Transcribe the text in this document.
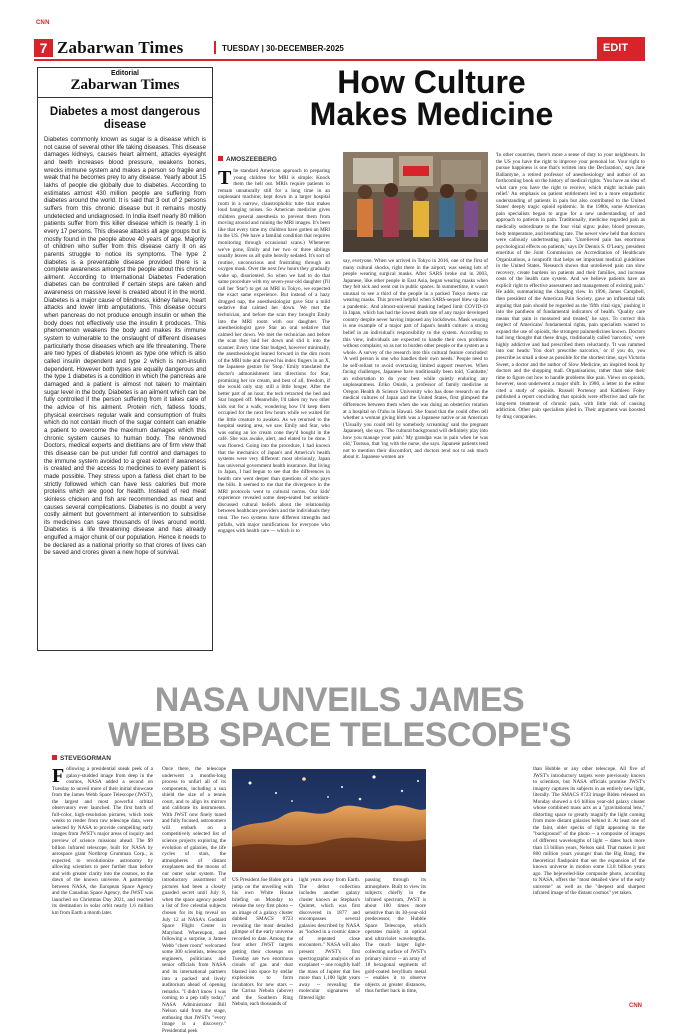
CNN
7 Zabarwan Times	TUESDAY | 30-DECEMBER-2025	EDIT
Editorial
Zabarwan Times
Diabetes a most dangerous disease
Diabetes commonly known as sugar is a disease which is not cause of several other life taking diseases. This disease damages kidneys, causes heart ailment, attacks eyesight and teeth increases blood pressure, weakens bones, wrecks immune system and makes a person so fragile and weak that he becomes prey to any disease. Yearly about 15 lakhs of people die globally due to diabetes. According to estimates almost 430 million people are suffering from diabetes around the world. It is said that 3 out of 2 persons suffers from this chronic disease but it remains mostly undetected and undiagnosed. In India itself nearly 80 million patients suffer from this killer disease which is nearly 1 in every 17 persons. This disease attacks all age groups but is mostly found in the people above 40 years of age. Majority of children who suffer from this disease carry it on as parents struggle to notice its symptoms. The type 2 diabetes is a preventable disease provided there is a complete awareness amongst the people about this chronic ailment. According to International Diabetes Federation diabetes can be controlled if certain steps are taken and awareness on massive level is created about it in the world. Diabetes is a major cause of blindness, kidney failure, heart attacks and lower limb amputations. This disease occurs when pancreas do not produce enough insulin or when the body does not effectively use the insulin it produces. This phenomenon weakens the body and makes its immune system to vulnerable to the onslaught of different diseases particularly those diseases which are life threatening. There are two types of diabetes known as type one which is also called insulin dependent and type 2 which is non-insulin dependent. However both types are equally dangerous and the type 1 diabetes is a condition in which the pancreas are damaged and a patient is almost not taken to maintain sugar level in the body. Diabetes is an ailment which can be fully controlled if the person suffering from it takes care of the advice of his ailment. Protein rich, fatless foods, physical exercises regular walk and consumption of fruits which do not contain much of the sugar content can enable a patient to overcome the maximum damages which this chronic system causes to human body. The renowned Doctors, medical experts and dietitians are of firm view that this disease can be put under full control and damages to the immune system avoided to a great extent if awareness is created and the access to medicines to every patient is made possible. They stress upon a fatless diet chart to be strictly followed which can have less calories but more proteins which are good for health. Instead of red meat skinless chicken and fish are recommended as meat and causes several complications. Diabetes is no doubt a very costly ailment but government al intervention to subsidise its medicines can save thousands of lives around world. Diabetes is a life threatening disease and has already engulfed a major chunk of our population. Hence it needs to be declared as a national priority so that crores of lives can be saved and crores given a new hope of survival.
How Culture
Makes Medicine
AMOSZEEBERG
The standard American approach to preparing young children for MRI is simple: Knock them the hell out. MRIs require patients to remain unnaturally still for a long time in an unpleasant machine; kept down in a larger hospital room in a narrow, claustrophobic tube that makes loud banging noises. So American medicine gives children general anesthesia to prevent them from moving around and ruining the MRI images. It's been like that every time my children have gotten an MRI in the US. (We have a familial condition that requires monitoring through occasional scans.) Whenever we've gone, Emily and her two or three siblings usually leaves us all quite heavily sedated. It's sort of routine, unconscious and frustrating through an oxygen mask. Over the next few hours they gradually wake up, disoriented. So when we had to do that same procedure with my seven-year-old daughter (I'll call her 'Star') to get an MRI in Tokyo, we expected the exact same experience. But instead of a hazy drugged nap, the anesthesiologist gave Star a mild sedative that calmed her down. We met the technician, and before the scan they brought Emily into the MRI room with our daughter. The anesthesiologist gave Star an oral sedative that calmed her down. We met the technician and before the scan they laid her down and slid it into the scanner. Every time Star budged, however minimally, the anesthesiologist leaned forward in the dim room of the MRI tube and moved his index fingers in an X, the Japanese gesture for 'Stop.' Emily translated the doctor's admonishment into directions for Star, promising her ice cream, and best of all, freedom, if she would only stay still a little longer. After the better part of an hour, the tech retracted the bed and Star hopped off. Meanwhile, I'd taken my two other kids out for a walk, wondering how I'd keep them occupied for the next few hours while we waited for the little creature to awaken. As we returned to the hospital seating area, we saw Emily and Star, who was eating an ice cream cone they'd bought in the café. She was awake, alert, and elated to be done. I was floored. Going into the procedure, I had known that the mechanics of Japan's and America's health systems were very different: most obviously, Japan has universal government health insurance. But living in Japan, I had begun to see that the differences in health care went deeper than questions of who pays the bills. It seemed to me that the divergence in the MRI protocols went to cultural norms. Our kids' experience revealed some deep-seated but seldom-discussed cultural beliefs about the relationship between healthcare providers and the individuals they treat. The two systems have different strengths and pitfalls, with major ramifications for everyone who engages with health care — which is to
say, everyone. When we arrived in Tokyo in 2016, one of the first of many cultural shocks, right there in the airport, was seeing lots of people wearing surgical masks. After SARS broke out in 2003, Japanese, like other people in East Asia, began wearing masks when they felt sick and went out in public spaces. In summertime, it wasn't unusual to see a third of the people in a packed Tokyo metro car wearing masks. This proved helpful when SARS-sequel blew up into a pandemic. And almost-universal masking helped limit COVID-19 in Japan, which has had the lowest death rate of any major developed country despite never having imposed any lockdowns. Mask wearing is one example of a major part of Japan's health culture: a strong belief in an individual's responsibility to the system. According to this view, individuals are expected to handle their own problems without complaint, so as not to burden other people or the system as a whole. A survey of the research into this cultural feature concluded: 'A well person is one who handles their own needs.' People need to be self-reliant to avoid overtaxing limited support reserves. When facing challenges, Japanese have traditionally been told, 'Ganbatte,' an exhortation to do your best while quietly enduring any unpleasantness. Eriko Onishi, a professor of family medicine at Oregon Health & Science University who has done research on the medical cultures of Japan and the United States, first glimpsed the differences between them when she was doing an obstetrics rotation at a hospital on O'ahu in Hawaii. She found that the could often tell whether a woman giving birth was a Japanese native or an American ('Usually you could tell by somebody screaming' said the pregnant Japanese), she says. 'The cultural background will definitely play into how you manage your pain.' My grandpa was in pain when he was old,' Tsutsuo, that 'ing with the nurse, she says. Japanese patients tend not to mention their discomfort, and doctors tend not to ask much about it. Japanese women are
'In other countries, there's more a sense of duty to your neighbours. In the US you have the right to improve your personal lot. Your right to pursue happiness is one that's written into the Declaration,' says Jane Ballantyne, a retired professor of anesthesiology and author of an forthcoming book on the history of medical rights. 'You have an idea of what care you have the right to receive, which might include pain relief.' An emphasis on patient entitlement led to a more empathetic understanding of patients in pain but also contributed to the United States' deeply tragic opioid epidemic. In the 1980s, some American pain specialists began to argue for a new understanding of and approach to patients in pain. Traditionally, medicine regarded pain as medically subordinate to the four vital signs: pulse, blood pressure, body temperature, and breathing rate. The newer view held that doctors were callously undertreating pain. 'Unrelieved pain has enormous psychological effects on patients,' says Dr Dennis S. O'Leary, president emeritus of the Joint Commission on Accreditation of Healthcare Organizations, a nonprofit that helps set important medical guidelines in the United States. 'Research shows that unrelieved pain can slow recovery, create burdens on patients and their families, and increase costs of the health care system. And we believe patients have an explicit right to effective assessment and management of existing pain.' He adds, summarising the changing view. In 1996, James Campbell, then president of the American Pain Society, gave an influential talk arguing that pain should be regarded as the 'fifth vital sign,' pushing it into the pantheon of fundamental indicators of health. 'Quality care means that pain is measured and treated,' he says. To correct this neglect of Americans' fundamental rights, pain specialists wanted to expand the use of opioids, the strongest painmedicines known. Doctors had long thought that these drugs, traditionally called 'narcotics,' were highly addictive and had prescribed them reluctantly. 'It was rammed into our heads: You don't prescribe narcotics,' or if you do, you prescribe as small a dose as possible for the shortest time, says Victoria Sweet, a doctor and the author of Slow Medicine, an inspired book by doctors and the shopping mall. Organisations, rather than take their time to figure out how to handle problems like pain. Views on opioids, however, soon underwent a major shift. In 1980, a letter to the editor cited a study of opioids. Russell Portenoy and Kathleen Foley published a report concluding that opioids were effective and safe for long-term treatment of chronic pain, with little risk of causing addiction. Other pain specialists piled in. Their argument was boosted by drug companies.
NASA UNVEILS JAMES
WEBB SPACE TELESCOPE'S
STEVEGORMAN
Following a presidential sneak peek of a galaxy-studded image from deep in the cosmos, NASA added a second on Tuesday to unveil more of their initial showcase from the James Webb Space Telescope (JWST), the largest and most powerful orbital observatory ever launched. The first batch of full-color, high-resolution pictures, which took weeks to render from raw telescope data, were selected by NASA to provide compelling early images from JWST's major areas of inquiry and preview of science missions ahead. The $9 billion infrared telescope, built for NASA by aerospace giant Northrop Grumman Corp., is expected to revolutionize astronomy by allowing scientists to peer further than before and with greater clarity into the cosmos, to the dawn of the known universe. A partnership between NASA, the European Space Agency and the Canadian Space Agency, the JWST was launched on Christmas Day 2021, and reached its destination in solar orbit nearly 1.6 million km from Earth a month later.
Once there, the telescope underwent a months-long process to unfurl all of its components, including a sun shield the size of a tennis court, and to align its mirrors and calibrate its instruments. With JWST now finely tuned and fully focused, astronomers will embark on a competitively selected list of science projects exploring the evolution of galaxies, the life cycles of stars, the atmospheres of distant exoplanets and the moons of our outer solar system. The introductory assortment of pictures had been a closely guarded secret until July 8, when the space agency posted a list of five celestial subjects chosen for its big reveal on July 12 at NASA's Goddard Space Flight Center in Maryland. Whereupon, and following a surprise, a Jamee Webb "cheer room" welcomed some 300 scientists, telescope engineers, politicians and senior officials from NASA and its international partners into a packed and lively auditorium ahead of opening remarks. "I didn't know I was coming to a pep rally today," NASA Administrator Bill Nelson said from the stage, enthusing that JWST's "every image is a discovery." Presidential peek
US President Joe Biden got a jump on the unveiling with his own White House briefing on Monday to release the very first photo -- an image of a galaxy cluster dubbed SMACS 0723 revealing the most detailed glimpse of the early universe recorded to date. Among the four other JWST targets getting their closeups on Tuesday are two enormous clouds of gas and dust blasted into space by stellar explosions to form incubators for new stars -- the Carina Nebula (above) and the Southern Ring Nebula, each thousands of
light years away from Earth. The debut collection includes another galaxy cluster known as Stephan's Quintet, which was first discovered in 1877 and encompasses several galaxies described by NASA as "locked in a cosmic dance of repeated close encounters." NASA will also present JWST's first spectrographic analysis of an exoplanet -- one roughly half the mass of Jupiter that lies more than 1,100 light years away -- revealing the molecular signatures of filtered light
passing through its atmosphere. Built to view its subjects chiefly in the infrared spectrum, JWST is about 100 times more sensitive than its 30-year-old predecessor, the Hubble Space Telescope, which operates mainly at optical and ultraviolet wavelengths. The much larger light-collecting surface of JWST's primary mirror -- an array of 18 hexagonal segments of gold-coated beryllium metal -- enables it to observe objects at greater distances, thus further back in time,
than Hubble or any other telescope. All five of JWST's introductory targets were previously known to scientists, but NASA officials promise JWST's imagery captures its subjects in an entirely new light, literally. The SMACS 0723 image Biden released on Monday showed a 4.6 billion year-old galaxy cluster whose combined mass acts as a "gravitational lens," distorting space to greatly magnify the light coming from more distant galaxies behind it. At least one of the faint, older specks of light appearing in the "background" of the photo -- a composite of images of different wavelengths of light -- dates back more than 13 billion years, Nelson said. That makes it just 800 million years younger than the Big Bang, the theoretical flashpoint that set the expansion of the known universe in motion some 13.8 billion years ago. The bejeweled-like composite photo, according to NASA, offers the "most detailed view of the early universe" as well as the "deepest and sharpest infrared image of the distant cosmos" yet taken.
CNN
